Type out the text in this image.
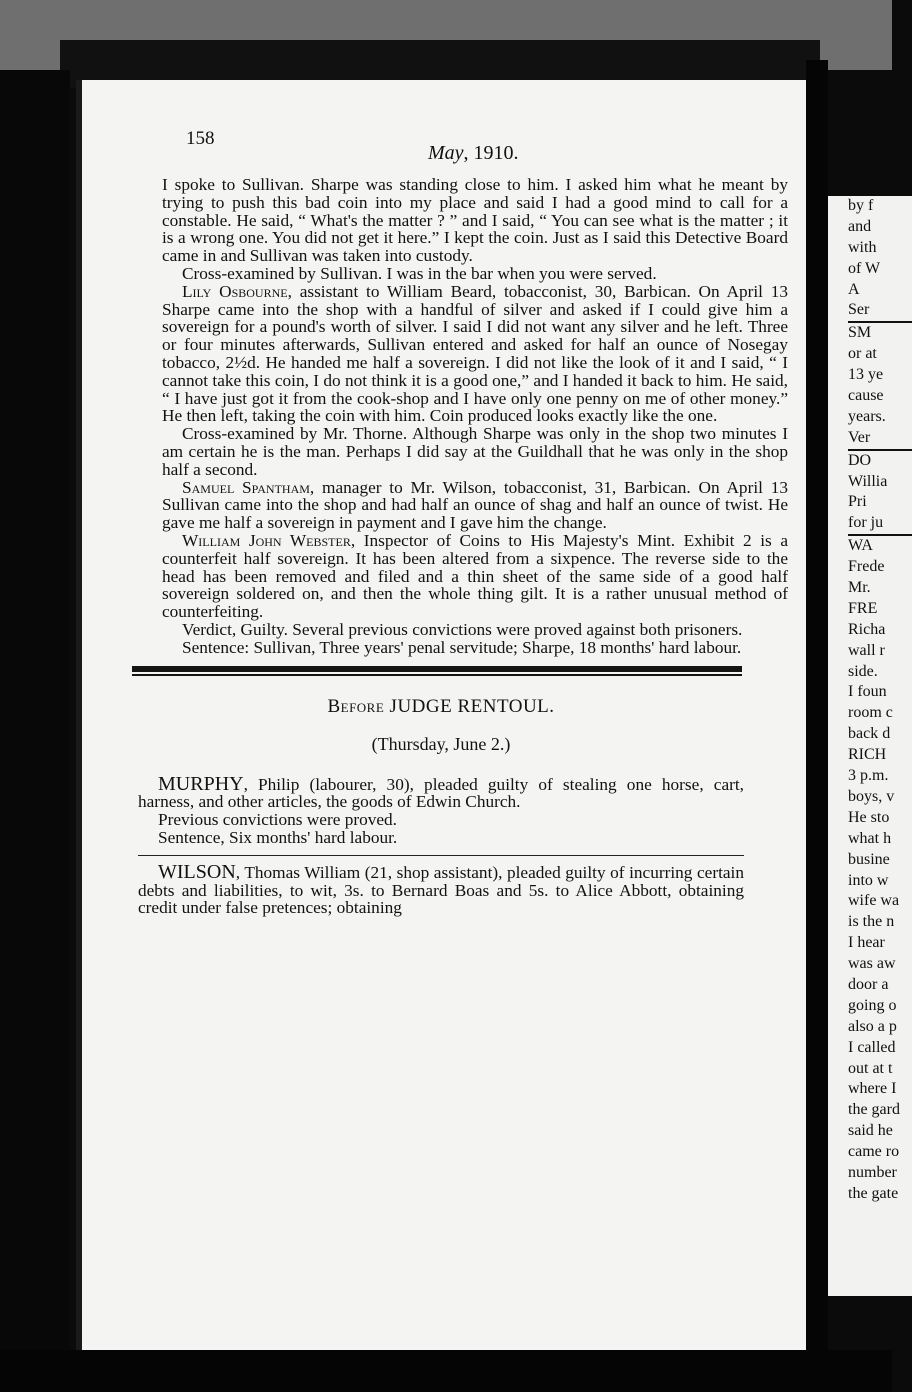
158
May, 1910.

I spoke to Sullivan. Sharpe was standing close to him. I asked him what he meant by trying to push this bad coin into my place and said I had a good mind to call for a constable. He said, “ What's the matter ? ” and I said, “ You can see what is the matter ; it is a wrong one. You did not get it here.” I kept the coin. Just as I said this Detective Board came in and Sullivan was taken into custody.

Cross-examined by Sullivan. I was in the bar when you were served.

Lily Osbourne, assistant to William Beard, tobacconist, 30, Barbican. On April 13 Sharpe came into the shop with a handful of silver and asked if I could give him a sovereign for a pound's worth of silver. I said I did not want any silver and he left. Three or four minutes afterwards, Sullivan entered and asked for half an ounce of Nosegay tobacco, 2½d. He handed me half a sovereign. I did not like the look of it and I said, “ I cannot take this coin, I do not think it is a good one,” and I handed it back to him. He said, “ I have just got it from the cook-shop and I have only one penny on me of other money.” He then left, taking the coin with him. Coin produced looks exactly like the one.

Cross-examined by Mr. Thorne. Although Sharpe was only in the shop two minutes I am certain he is the man. Perhaps I did say at the Guildhall that he was only in the shop half a second.

Samuel Spantham, manager to Mr. Wilson, tobacconist, 31, Barbican. On April 13 Sullivan came into the shop and had half an ounce of shag and half an ounce of twist. He gave me half a sovereign in payment and I gave him the change.

William John Webster, Inspector of Coins to His Majesty's Mint. Exhibit 2 is a counterfeit half sovereign. It has been altered from a sixpence. The reverse side to the head has been removed and filed and a thin sheet of the same side of a good half sovereign soldered on, and then the whole thing gilt. It is a rather unusual method of counterfeiting.

Verdict, Guilty. Several previous convictions were proved against both prisoners.

Sentence: Sullivan, Three years' penal servitude; Sharpe, 18 months' hard labour.

Before JUDGE RENTOUL.
(Thursday, June 2.)

MURPHY, Philip (labourer, 30), pleaded guilty of stealing one horse, cart, harness, and other articles, the goods of Edwin Church.

Previous convictions were proved.

Sentence, Six months' hard labour.

WILSON, Thomas William (21, shop assistant), pleaded guilty of incurring certain debts and liabilities, to wit, 3s. to Bernard Boas and 5s. to Alice Abbott, obtaining credit under false pretences; obtaining

by f
and
with
of W
A
Ser
SM
or at
13 ye
cause
years.
Ver
DO
Willia
Pri
for ju
WA
Frede
Mr.
FRE
Richa
wall r
side.
I foun
room c
back d
RICH
3 p.m.
boys, v
He sto
what h
busine
into w
wife wa
is the n
I hear
was aw
door a
going o
also a p
I called
out at t
where I
the gard
said he
came ro
number
the gate
